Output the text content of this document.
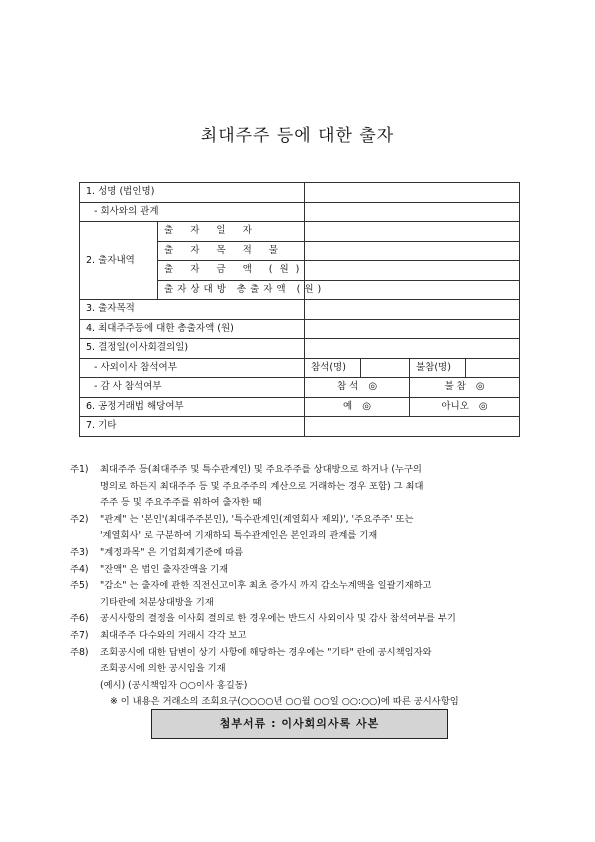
최대주주 등에 대한 출자
1. 성명 (법인명)					
- 회사와의 관계					
2. 출자내역	출 자 일 자				
	출 자 목 적 물				
	출 자 금 액 (원)				
	출자상대방 총출자액 (원)				
3. 출자목적					
4. 최대주주등에 대한 총출자액 (원)					
5. 결정일(이사회결의일)					
- 사외이사 참석여부		참석(명)		불참(명)	
- 감 사 참석여부		참 석 ◎		불 참 ◎	
6. 공정거래법 해당여부		예 ◎		아니오 ◎	
7. 기타					
주1)	최대주주 등(최대주주 및 특수관계인) 및 주요주주를 상대방으로 하거나 (누구의
명의로 하든지 최대주주 등 및 주요주주의 계산으로 거래하는 경우 포함) 그 최대
주주 등 및 주요주주를 위하여 출자한 때
주2)	"관계" 는 '본인'(최대주주본인), '특수관계인(계열회사 제외)', '주요주주' 또는
'계열회사' 로 구분하여 기재하되 특수관계인은 본인과의 관계를 기재
주3)	"계정과목" 은 기업회계기준에 따름
주4)	"잔액" 은 법인 출자잔액을 기재
주5)	"감소" 는 출자에 관한 직전신고이후 최초 증가시 까지 감소누계액을 일괄기재하고
기타란에 처분상대방을 기재
주6)	공시사항의 결정을 이사회 결의로 한 경우에는 반드시 사외이사 및 감사 참석여부를 부기
주7)	최대주주 다수와의 거래시 각각 보고
주8)	조회공시에 대한 답변이 상기 사항에 해당하는 경우에는 "기타" 란에 공시책임자와
조회공시에 의한 공시임을 기재
(예시) (공시책임자 ○○이사 홍길동)
※ 이 내용은 거래소의 조회요구(○○○○년 ○○월 ○○일 ○○:○○)에 따른 공시사항임
첨부서류 : 이사회의사록 사본
